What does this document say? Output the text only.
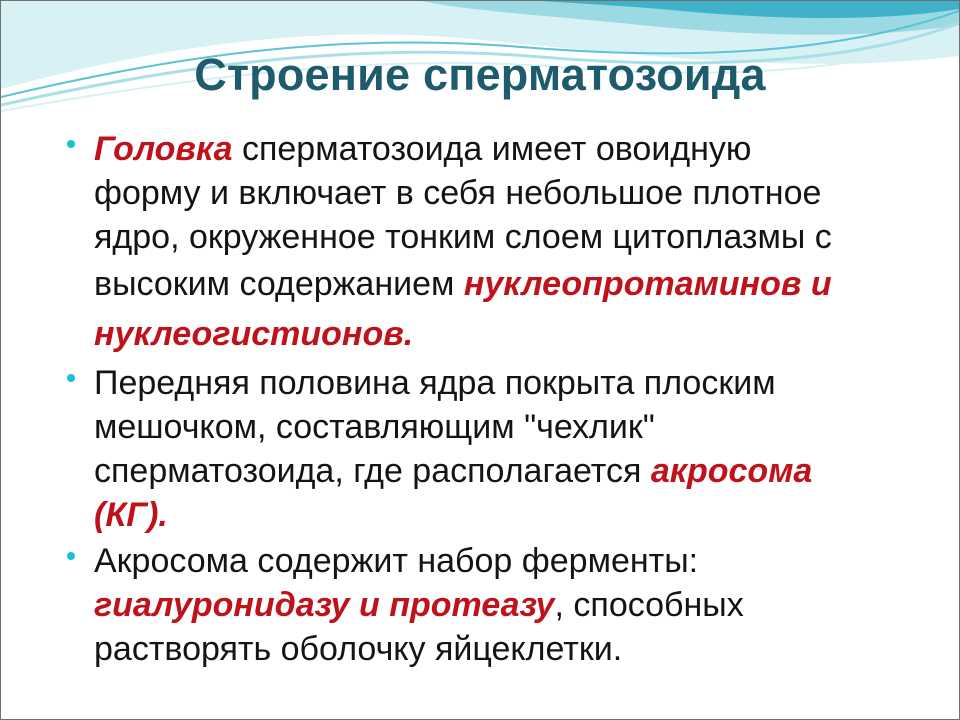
Строение сперматозоида
Головка сперматозоида имеет овоидную
форму и включает в себя небольшое плотное
ядро, окруженное тонким слоем цитоплазмы с
высоким содержанием нуклеопротаминов и
нуклеогистионов.
Передняя половина ядра покрыта плоским
мешочком, составляющим "чехлик"
сперматозоида, где располагается акросома
(КГ).
Акросома содержит набор ферменты:
гиалуронидазу и протеазу, способных
растворять оболочку яйцеклетки.
